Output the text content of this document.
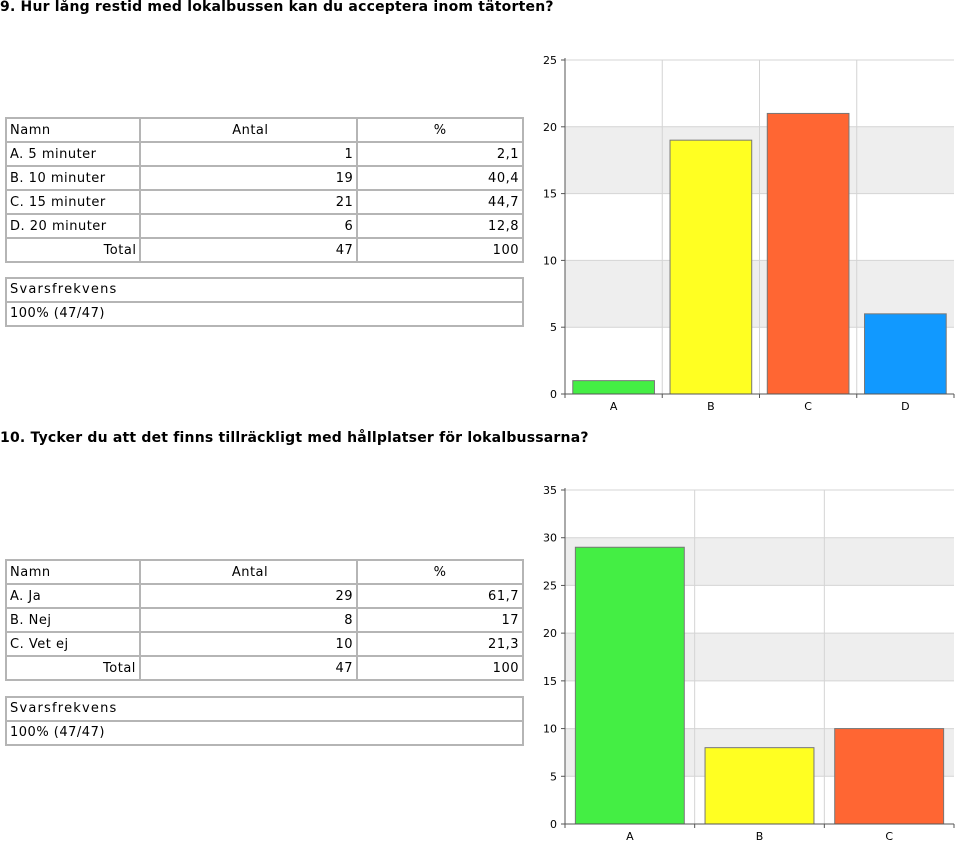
9. Hur lång restid med lokalbussen kan du acceptera inom tätorten?
Namn	Antal	%
A. 5 minuter	1	2,1
B. 10 minuter	19	40,4
C. 15 minuter	21	44,7
D. 20 minuter	6	12,8
Total	47	100
Svarsfrekvens
100% (47/47)
0
5
10
15
20
25
A	B	C	D
10. Tycker du att det finns tillräckligt med hållplatser för lokalbussarna?
Namn	Antal	%
A. Ja	29	61,7
B. Nej	8	17
C. Vet ej	10	21,3
Total	47	100
Svarsfrekvens
100% (47/47)
0
5
10
15
20
25
30
35
A	B	C
